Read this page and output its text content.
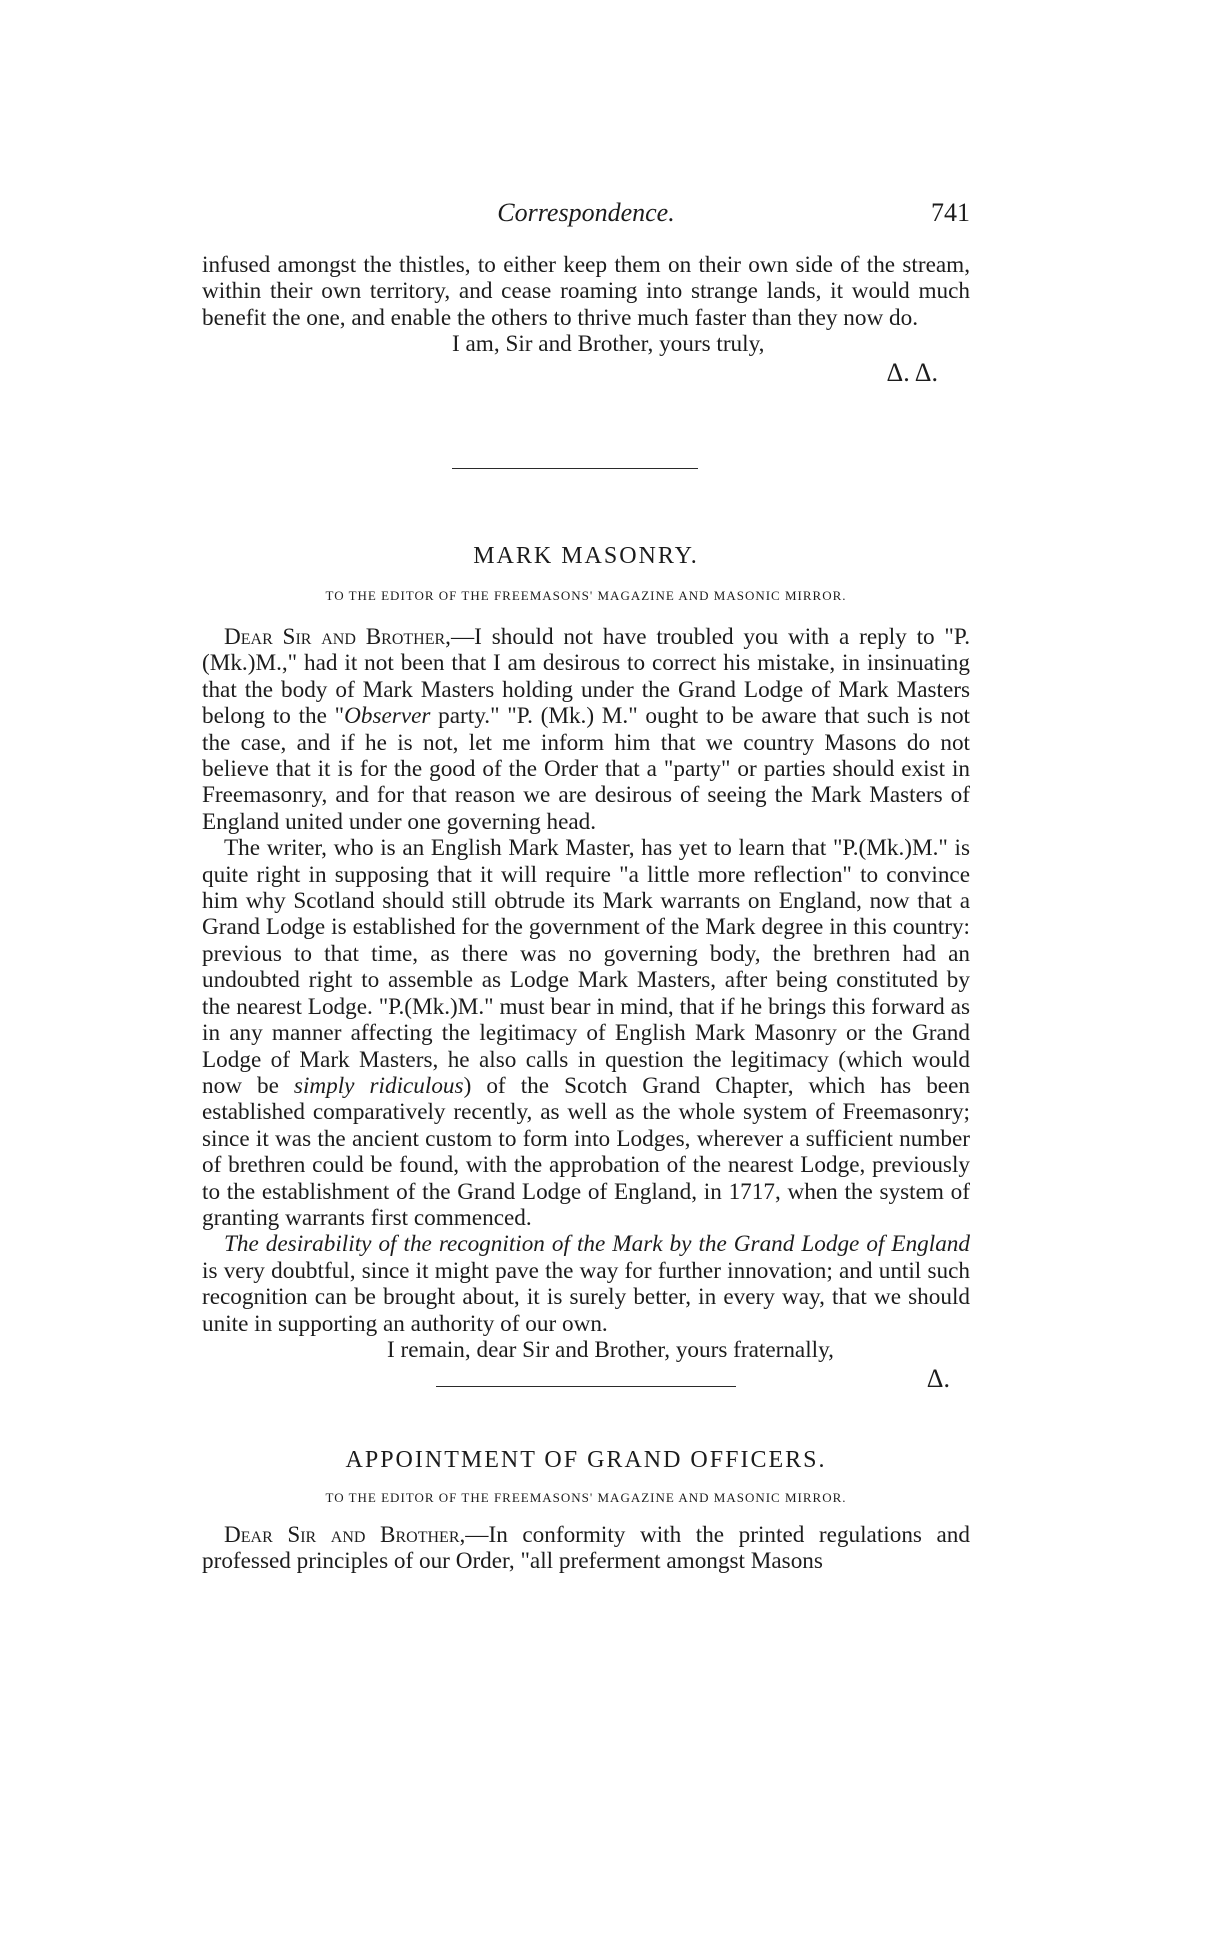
Correspondence.	741

infused amongst the thistles, to either keep them on their own side of the stream, within their own territory, and cease roaming into strange lands, it would much benefit the one, and enable the others to thrive much faster than they now do.

I am, Sir and Brother, yours truly,
Δ. Δ.
MARK MASONRY.
TO THE EDITOR OF THE FREEMASONS' MAGAZINE AND MASONIC MIRROR.

Dear Sir and Brother,—I should not have troubled you with a reply to "P.(Mk.)M.," had it not been that I am desirous to correct his mistake, in insinuating that the body of Mark Masters holding under the Grand Lodge of Mark Masters belong to the "Observer party." "P. (Mk.) M." ought to be aware that such is not the case, and if he is not, let me inform him that we country Masons do not believe that it is for the good of the Order that a "party" or parties should exist in Freemasonry, and for that reason we are desirous of seeing the Mark Masters of England united under one governing head.

The writer, who is an English Mark Master, has yet to learn that "P.(Mk.)M." is quite right in supposing that it will require "a little more reflection" to convince him why Scotland should still obtrude its Mark warrants on England, now that a Grand Lodge is established for the government of the Mark degree in this country: previous to that time, as there was no governing body, the brethren had an undoubted right to assemble as Lodge Mark Masters, after being constituted by the nearest Lodge. "P.(Mk.)M." must bear in mind, that if he brings this forward as in any manner affecting the legitimacy of English Mark Masonry or the Grand Lodge of Mark Masters, he also calls in question the legitimacy (which would now be simply ridiculous) of the Scotch Grand Chapter, which has been established comparatively recently, as well as the whole system of Freemasonry; since it was the ancient custom to form into Lodges, wherever a sufficient number of brethren could be found, with the approbation of the nearest Lodge, previously to the establishment of the Grand Lodge of England, in 1717, when the system of granting warrants first commenced.

The desirability of the recognition of the Mark by the Grand Lodge of England is very doubtful, since it might pave the way for further innovation; and until such recognition can be brought about, it is surely better, in every way, that we should unite in supporting an authority of our own.

I remain, dear Sir and Brother, yours fraternally,
Δ.
APPOINTMENT OF GRAND OFFICERS.
TO THE EDITOR OF THE FREEMASONS' MAGAZINE AND MASONIC MIRROR.

Dear Sir and Brother,—In conformity with the printed regulations and professed principles of our Order, "all preferment amongst Masons
